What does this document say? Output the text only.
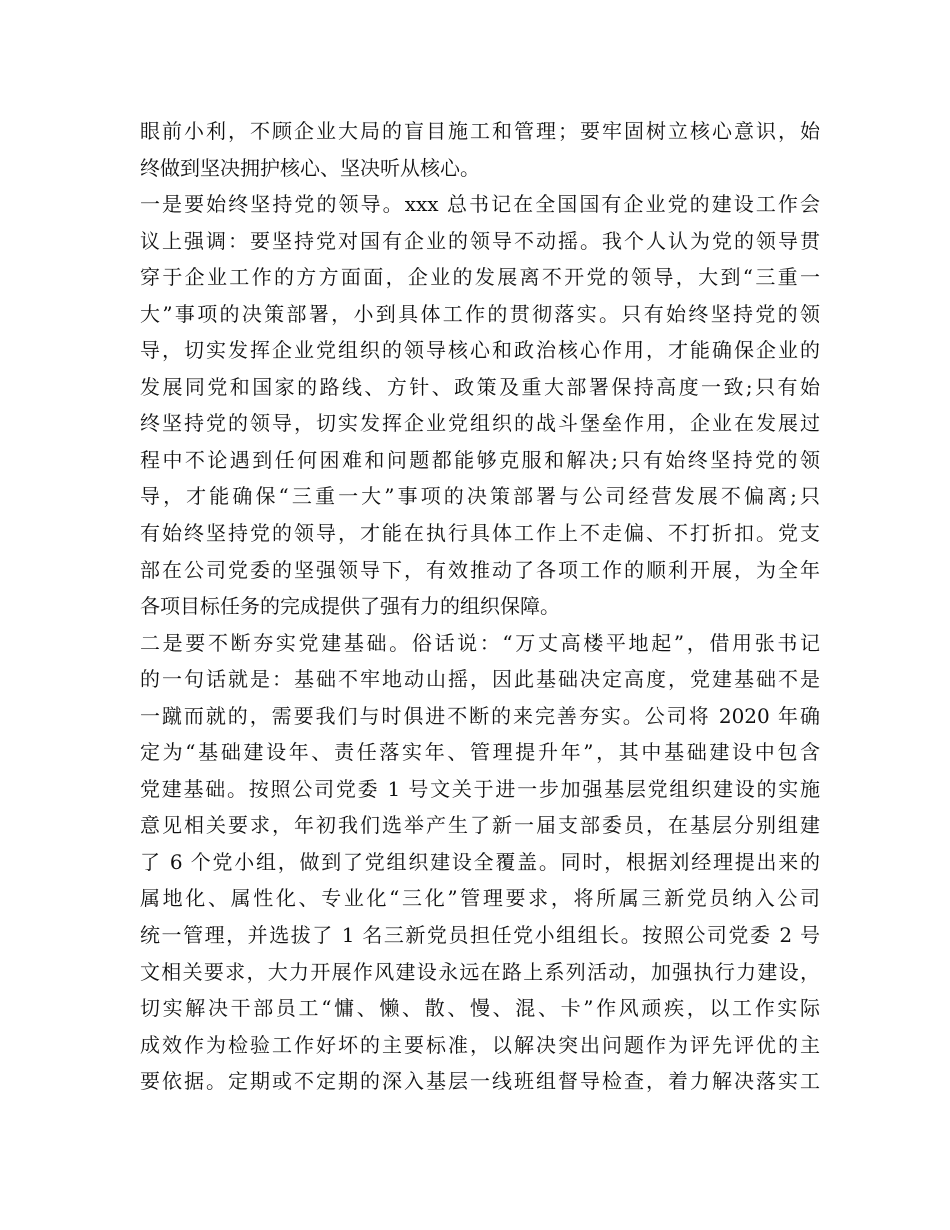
眼前小利，不顾企业大局的盲目施工和管理；要牢固树立核心意识，始
终做到坚决拥护核心、坚决听从核心。
一是要始终坚持党的领导。xxx 总书记在全国国有企业党的建设工作会
议上强调：要坚持党对国有企业的领导不动摇。我个人认为党的领导贯
穿于企业工作的方方面面，企业的发展离不开党的领导，大到“三重一
大”事项的决策部署，小到具体工作的贯彻落实。只有始终坚持党的领
导，切实发挥企业党组织的领导核心和政治核心作用，才能确保企业的
发展同党和国家的路线、方针、政策及重大部署保持高度一致;只有始
终坚持党的领导，切实发挥企业党组织的战斗堡垒作用，企业在发展过
程中不论遇到任何困难和问题都能够克服和解决;只有始终坚持党的领
导，才能确保“三重一大”事项的决策部署与公司经营发展不偏离;只
有始终坚持党的领导，才能在执行具体工作上不走偏、不打折扣。党支
部在公司党委的坚强领导下，有效推动了各项工作的顺利开展，为全年
各项目标任务的完成提供了强有力的组织保障。
二是要不断夯实党建基础。俗话说：“万丈高楼平地起”，借用张书记
的一句话就是：基础不牢地动山摇，因此基础决定高度，党建基础不是
一蹴而就的，需要我们与时俱进不断的来完善夯实。公司将 2020 年确
定为“基础建设年、责任落实年、管理提升年”，其中基础建设中包含
党建基础。按照公司党委 1 号文关于进一步加强基层党组织建设的实施
意见相关要求，年初我们选举产生了新一届支部委员，在基层分别组建
了 6 个党小组，做到了党组织建设全覆盖。同时，根据刘经理提出来的
属地化、属性化、专业化“三化”管理要求，将所属三新党员纳入公司
统一管理，并选拔了 1 名三新党员担任党小组组长。按照公司党委 2 号
文相关要求，大力开展作风建设永远在路上系列活动，加强执行力建设，
切实解决干部员工“慵、懒、散、慢、混、卡”作风顽疾，以工作实际
成效作为检验工作好坏的主要标准，以解决突出问题作为评先评优的主
要依据。定期或不定期的深入基层一线班组督导检查，着力解决落实工
